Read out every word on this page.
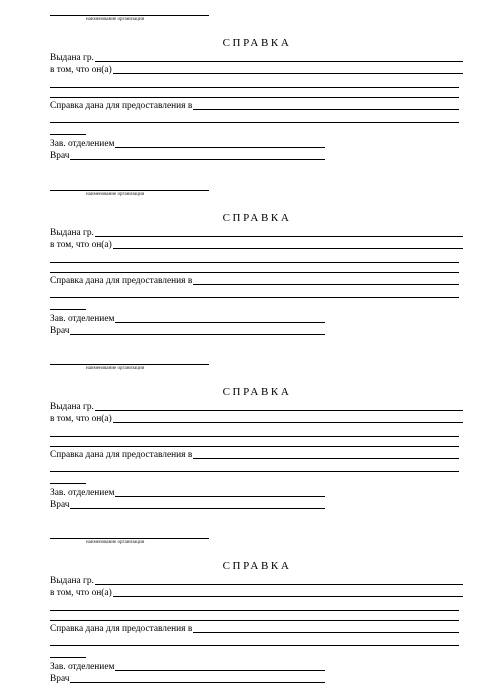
наименование организации
СПРАВКА
Выдана гр.
в том, что он(а)
Справка дана для предоставления в
Зав. отделением
Врач
наименование организации
СПРАВКА
Выдана гр.
в том, что он(а)
Справка дана для предоставления в
Зав. отделением
Врач
наименование организации
СПРАВКА
Выдана гр.
в том, что он(а)
Справка дана для предоставления в
Зав. отделением
Врач
наименование организации
СПРАВКА
Выдана гр.
в том, что он(а)
Справка дана для предоставления в
Зав. отделением
Врач
